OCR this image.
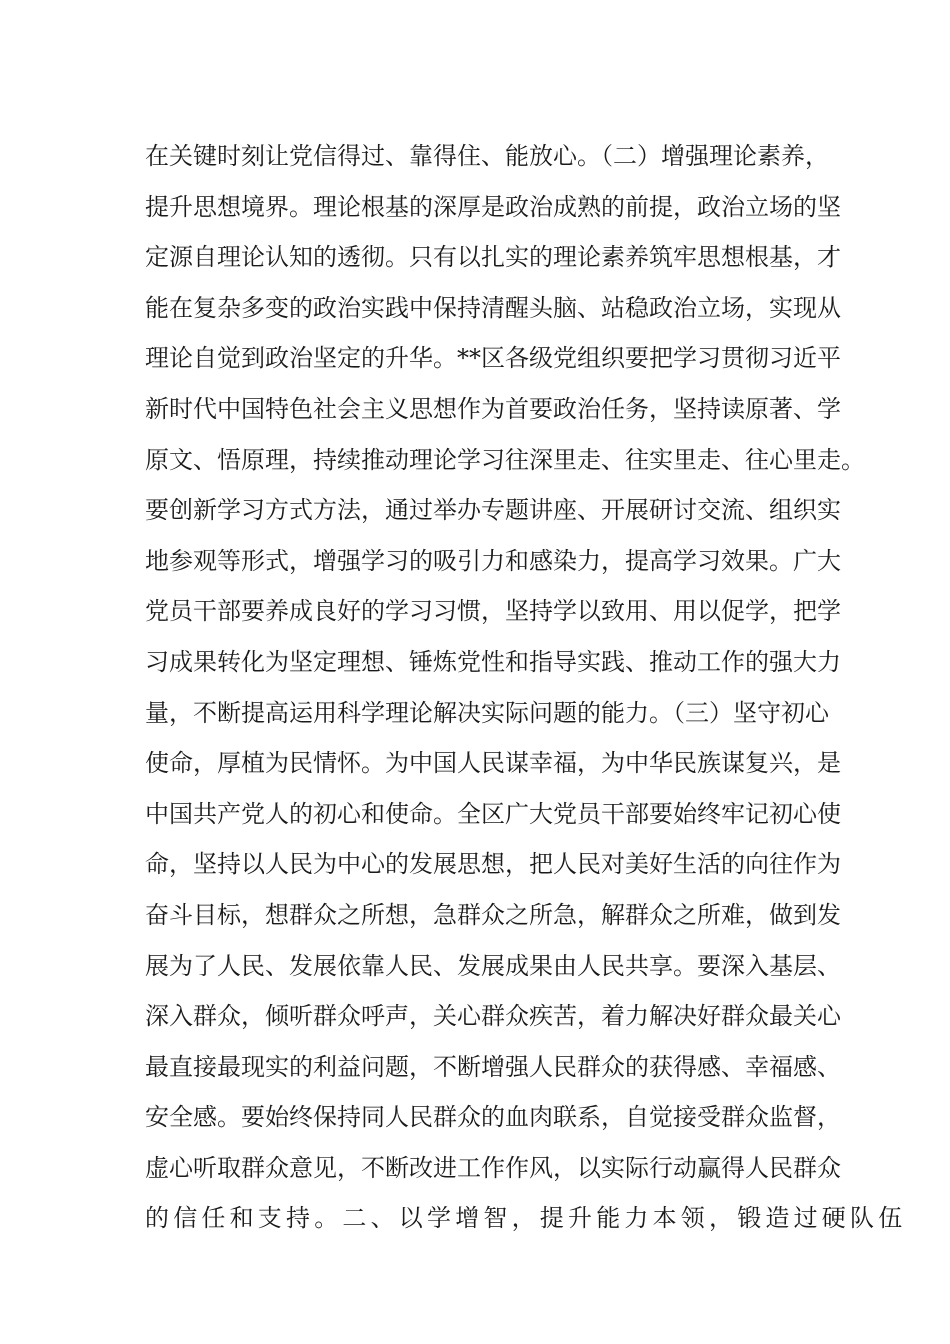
在关键时刻让党信得过、靠得住、能放心。（二）增强理论素养，
提升思想境界。理论根基的深厚是政治成熟的前提，政治立场的坚
定源自理论认知的透彻。只有以扎实的理论素养筑牢思想根基，才
能在复杂多变的政治实践中保持清醒头脑、站稳政治立场，实现从
理论自觉到政治坚定的升华。**区各级党组织要把学习贯彻习近平
新时代中国特色社会主义思想作为首要政治任务，坚持读原著、学
原文、悟原理，持续推动理论学习往深里走、往实里走、往心里走。
要创新学习方式方法，通过举办专题讲座、开展研讨交流、组织实
地参观等形式，增强学习的吸引力和感染力，提高学习效果。广大
党员干部要养成良好的学习习惯，坚持学以致用、用以促学，把学
习成果转化为坚定理想、锤炼党性和指导实践、推动工作的强大力
量，不断提高运用科学理论解决实际问题的能力。（三）坚守初心
使命，厚植为民情怀。为中国人民谋幸福，为中华民族谋复兴，是
中国共产党人的初心和使命。全区广大党员干部要始终牢记初心使
命，坚持以人民为中心的发展思想，把人民对美好生活的向往作为
奋斗目标，想群众之所想，急群众之所急，解群众之所难，做到发
展为了人民、发展依靠人民、发展成果由人民共享。要深入基层、
深入群众，倾听群众呼声，关心群众疾苦，着力解决好群众最关心
最直接最现实的利益问题，不断增强人民群众的获得感、幸福感、
安全感。要始终保持同人民群众的血肉联系，自觉接受群众监督，
虚心听取群众意见，不断改进工作作风，以实际行动赢得人民群众
的信任和支持。二、以学增智，提升能力本领，锻造过硬队伍
